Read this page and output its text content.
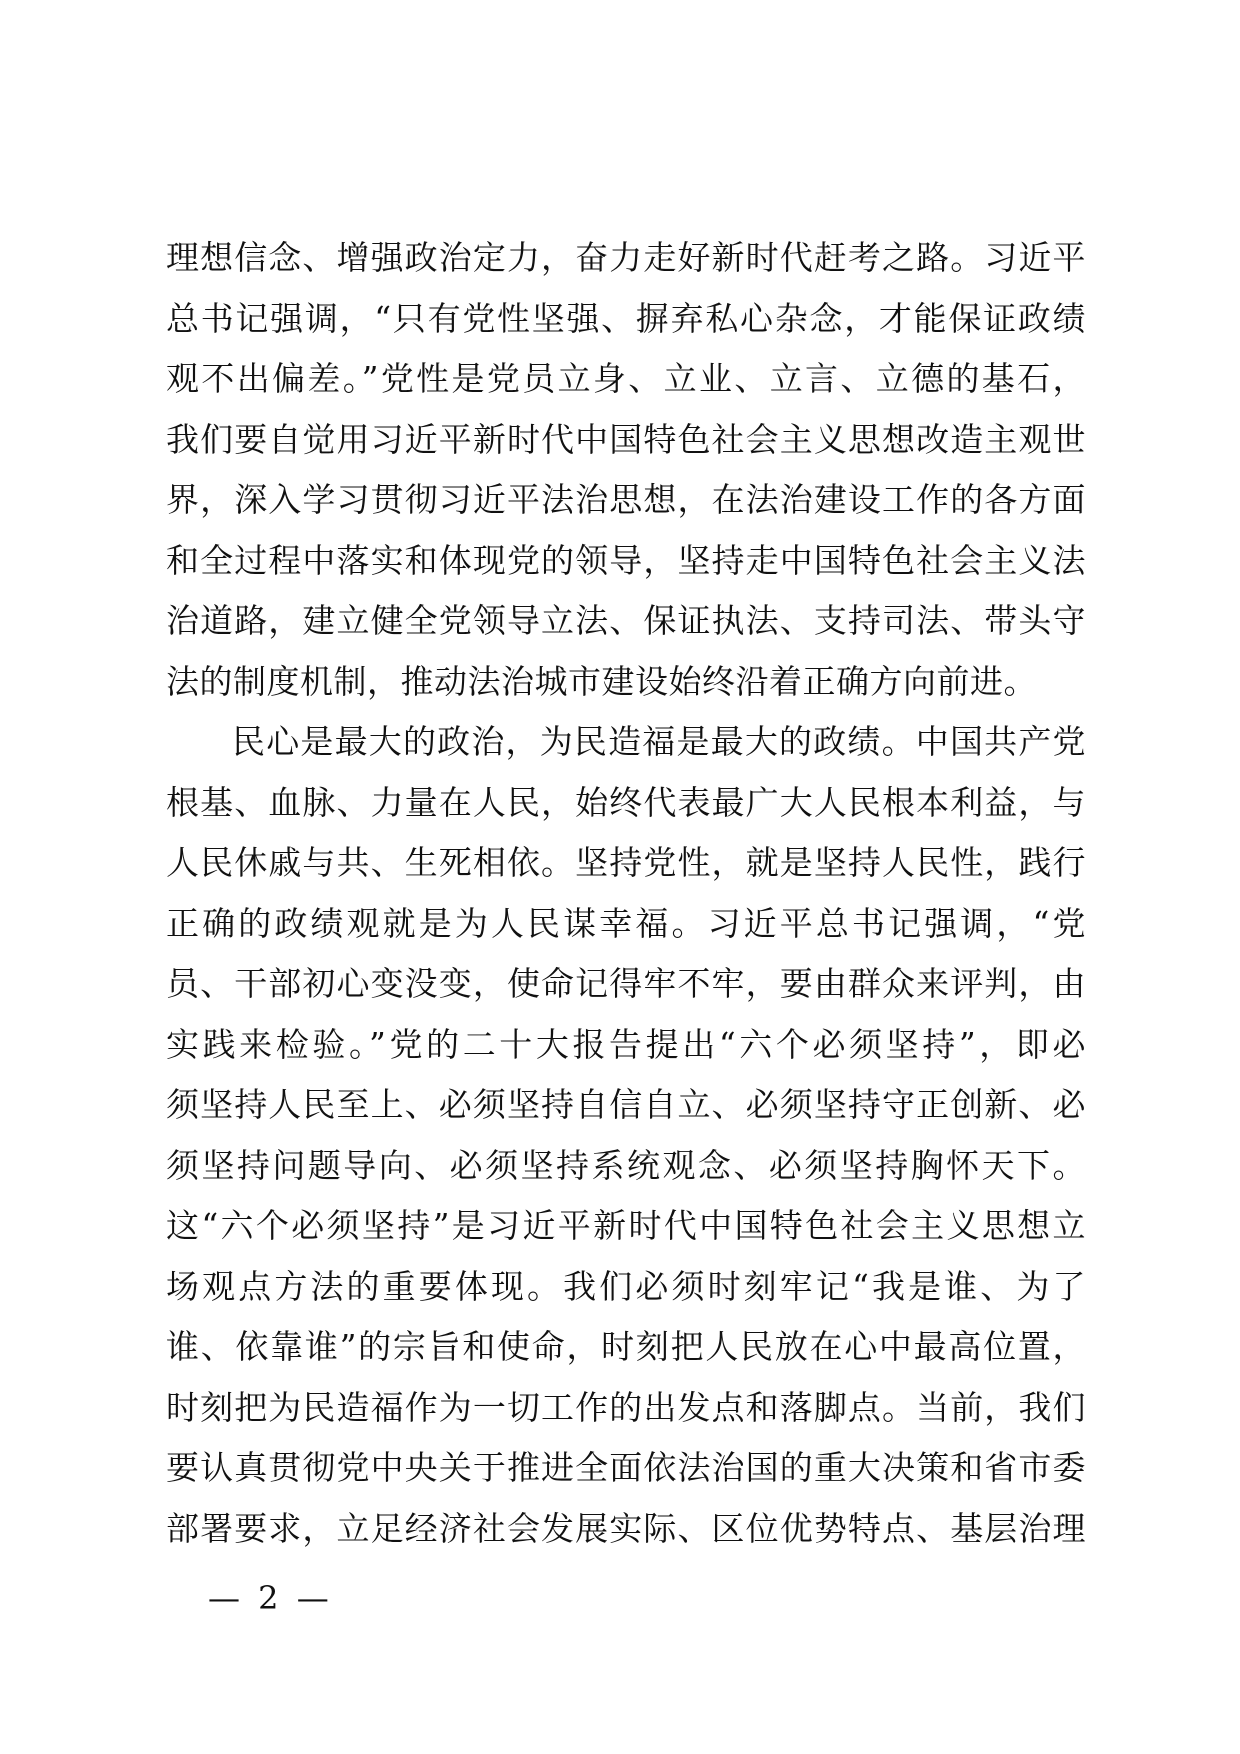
理想信念、增强政治定力，奋力走好新时代赶考之路。习近平
总书记强调，“只有党性坚强、摒弃私心杂念，才能保证政绩
观不出偏差。”党性是党员立身、立业、立言、立德的基石，
我们要自觉用习近平新时代中国特色社会主义思想改造主观世
界，深入学习贯彻习近平法治思想，在法治建设工作的各方面
和全过程中落实和体现党的领导，坚持走中国特色社会主义法
治道路，建立健全党领导立法、保证执法、支持司法、带头守
法的制度机制，推动法治城市建设始终沿着正确方向前进。
民心是最大的政治，为民造福是最大的政绩。中国共产党
根基、血脉、力量在人民，始终代表最广大人民根本利益，与
人民休戚与共、生死相依。坚持党性，就是坚持人民性，践行
正确的政绩观就是为人民谋幸福。习近平总书记强调，“党
员、干部初心变没变，使命记得牢不牢，要由群众来评判，由
实践来检验。”党的二十大报告提出“六个必须坚持”，即必
须坚持人民至上、必须坚持自信自立、必须坚持守正创新、必
须坚持问题导向、必须坚持系统观念、必须坚持胸怀天下。
这“六个必须坚持”是习近平新时代中国特色社会主义思想立
场观点方法的重要体现。我们必须时刻牢记“我是谁、为了
谁、依靠谁”的宗旨和使命，时刻把人民放在心中最高位置，
时刻把为民造福作为一切工作的出发点和落脚点。当前，我们
要认真贯彻党中央关于推进全面依法治国的重大决策和省市委
部署要求，立足经济社会发展实际、区位优势特点、基层治理
— 2 —
